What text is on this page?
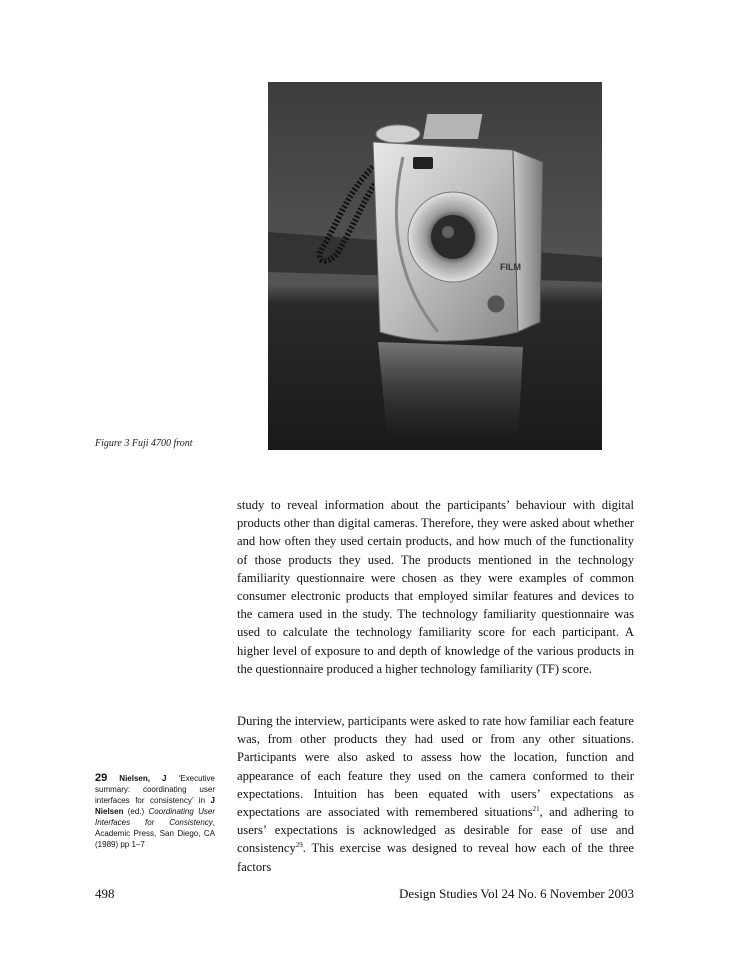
FILM
Figure 3 Fuji 4700 front

study to reveal information about the participants’ behaviour with digital products other than digital cameras. Therefore, they were asked about whether and how often they used certain products, and how much of the functionality of those products they used. The products mentioned in the technology familiarity questionnaire were chosen as they were examples of common consumer electronic products that employed similar features and devices to the camera used in the study. The technology familiarity questionnaire was used to calculate the technology familiarity score for each participant. A higher level of exposure to and depth of knowledge of the various products in the questionnaire produced a higher technology familiarity (TF) score.

During the interview, participants were asked to rate how familiar each feature was, from other products they had used or from any other situations. Participants were also asked to assess how the location, function and appearance of each feature they used on the camera conformed to their expectations. Intuition has been equated with users’ expectations as expectations are associated with remembered situations$^{21}$, and adhering to users’ expectations is acknowledged as desirable for ease of use and consistency$^{29}$. This exercise was designed to reveal how each of the three factors

29 Nielsen, J ‘Executive summary: coordinating user interfaces for consistency’ in J Nielsen (ed.) Coordinating User Interfaces for Consistency, Academic Press, San Diego, CA (1989) pp 1–7
498	Design Studies Vol 24 No. 6 November 2003
